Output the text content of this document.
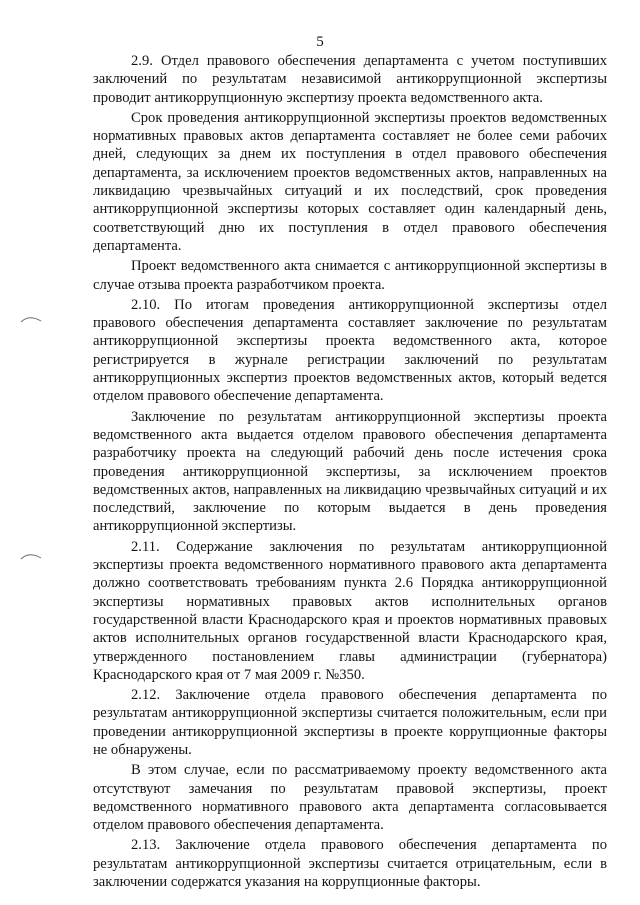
5

2.9. Отдел правового обеспечения департамента с учетом поступивших заключений по результатам независимой антикоррупционной экспертизы проводит антикоррупционную экспертизу проекта ведомственного акта.

Срок проведения антикоррупционной экспертизы проектов ведомственных нормативных правовых актов департамента составляет не более семи рабочих дней, следующих за днем их поступления в отдел правового обеспечения департамента, за исключением проектов ведомственных актов, направленных на ликвидацию чрезвычайных ситуаций и их последствий, срок проведения антикоррупционной экспертизы которых составляет один календарный день, соответствующий дню их поступления в отдел правового обеспечения департамента.

Проект ведомственного акта снимается с антикоррупционной экспертизы в случае отзыва проекта разработчиком проекта.

2.10. По итогам проведения антикоррупционной экспертизы отдел правового обеспечения департамента составляет заключение по результатам антикоррупционной экспертизы проекта ведомственного акта, которое регистрируется в журнале регистрации заключений по результатам антикоррупционных экспертиз проектов ведомственных актов, который ведется отделом правового обеспечение департамента.

Заключение по результатам антикоррупционной экспертизы проекта ведомственного акта выдается отделом правового обеспечения департамента разработчику проекта на следующий рабочий день после истечения срока проведения антикоррупционной экспертизы, за исключением проектов ведомственных актов, направленных на ликвидацию чрезвычайных ситуаций и их последствий, заключение по которым выдается в день проведения антикоррупционной экспертизы.

2.11. Содержание заключения по результатам антикоррупционной экспертизы проекта ведомственного нормативного правового акта департамента должно соответствовать требованиям пункта 2.6 Порядка антикоррупционной экспертизы нормативных правовых актов исполнительных органов государственной власти Краснодарского края и проектов нормативных правовых актов исполнительных органов государственной власти Краснодарского края, утвержденного постановлением главы администрации (губернатора) Краснодарского края от 7 мая 2009 г. №350.

2.12. Заключение отдела правового обеспечения департамента по результатам антикоррупционной экспертизы считается положительным, если при проведении антикоррупционной экспертизы в проекте коррупционные факторы не обнаружены.

В этом случае, если по рассматриваемому проекту ведомственного акта отсутствуют замечания по результатам правовой экспертизы, проект ведомственного нормативного правового акта департамента согласовывается отделом правового обеспечения департамента.

2.13. Заключение отдела правового обеспечения департамента по результатам антикоррупционной экспертизы считается отрицательным, если в заключении содержатся указания на коррупционные факторы.
